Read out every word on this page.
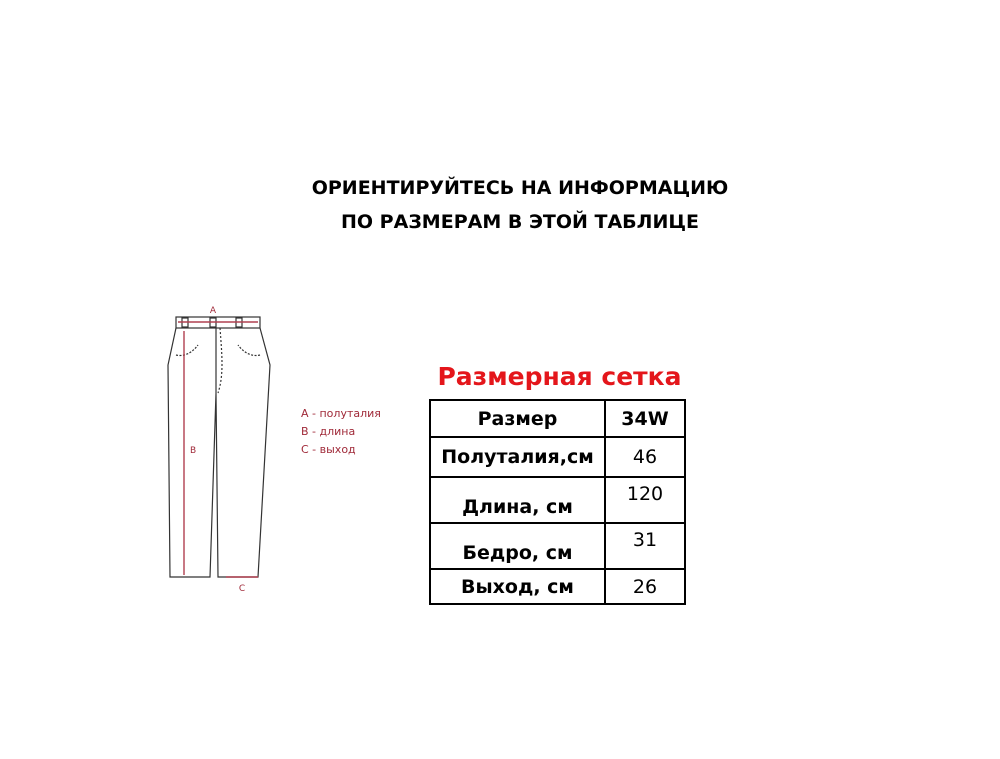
ОРИЕНТИРУЙТЕСЬ НА ИНФОРМАЦИЮ
ПО РАЗМЕРАМ В ЭТОЙ ТАБЛИЦЕ
A
B
C
A - полуталия
B - длина
C - выход
Размерная сетка
Размер	34W

Полуталия,см	46

Длина, см	120

Бедро, см	31

Выход, см	26
